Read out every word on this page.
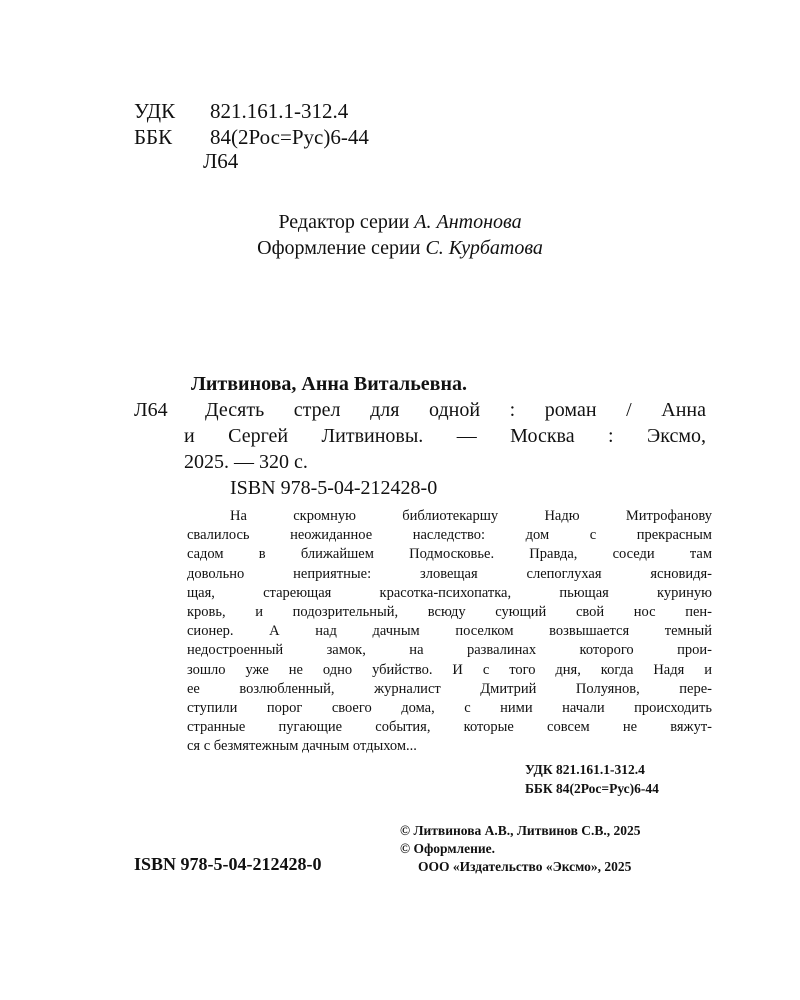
УДК 821.161.1-312.4
ББК 84(2Рос=Рус)6-44
Л64
Редактор серии А. Антонова
Оформление серии С. Курбатова
Литвинова, Анна Витальевна.
Л64 Десять стрел для одной : роман / Анна
и Сергей Литвиновы. — Москва : Эксмо,
2025. — 320 с.
ISBN 978-5-04-212428-0
На скромную библиотекаршу Надю Митрофанову
свалилось неожиданное наследство: дом с прекрасным
садом в ближайшем Подмосковье. Правда, соседи там
довольно неприятные: зловещая слепоглухая ясновидя-
щая, стареющая красотка-психопатка, пьющая куриную
кровь, и подозрительный, всюду сующий свой нос пен-
сионер. А над дачным поселком возвышается темный
недостроенный замок, на развалинах которого прои-
зошло уже не одно убийство. И с того дня, когда Надя и
ее возлюбленный, журналист Дмитрий Полуянов, пере-
ступили порог своего дома, с ними начали происходить
странные пугающие события, которые совсем не вяжут-
ся с безмятежным дачным отдыхом...
УДК 821.161.1-312.4
ББК 84(2Рос=Рус)6-44
© Литвинова А.В., Литвинов С.В., 2025
© Оформление.
ООО «Издательство «Эксмо», 2025
ISBN 978-5-04-212428-0
